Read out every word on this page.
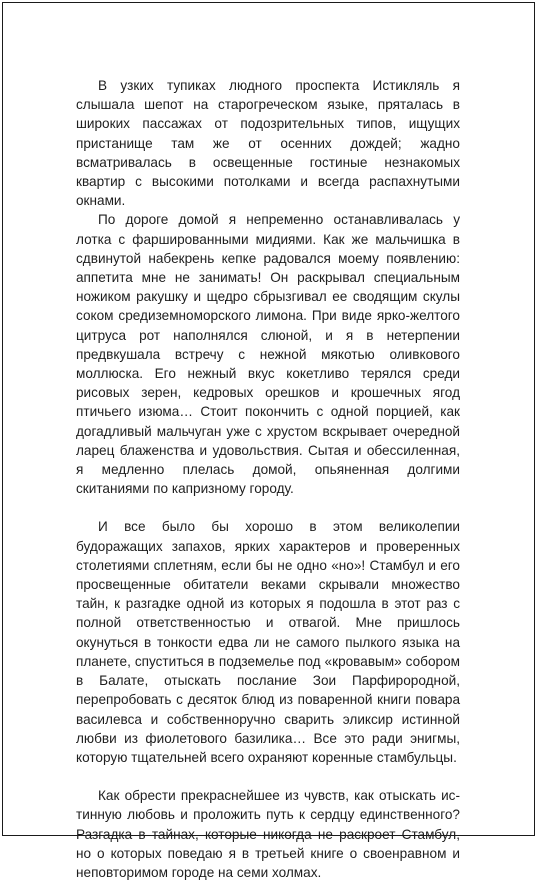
В узких тупиках людного проспекта Истикляль я слышала шепот на старогреческом языке, пряталась в широких пассажах от подозрительных типов, ищущих пристанище там же от осенних дождей; жадно всматривалась в освещенные гостиные незнакомых квартир с высокими потолками и всегда распахнутыми окнами.

По дороге домой я непременно останавливалась у лотка с фаршированными мидиями. Как же мальчишка в сдвинутой набекрень кепке радовался моему появлению: аппетита мне не занимать! Он раскрывал специальным ножиком ракушку и щедро сбрызгивал ее сводящим скулы соком средиземноморского лимона. При виде ярко-желтого цитруса рот наполнялся слюной, и я в нетерпении предвкушала встречу с нежной мякотью оливкового моллюска. Его нежный вкус кокетливо терялся среди рисовых зерен, кедровых орешков и крошечных ягод птичьего изюма… Стоит покончить с одной порцией, как догадливый мальчуган уже с хрустом вскрывает очередной ларец блаженства и удовольствия. Сытая и обессиленная, я медленно плелась домой, опьяненная долгими скитаниями по капризному городу.

И все было бы хорошо в этом великолепии будоражащих запахов, ярких характеров и проверенных столетиями сплетням, если бы не одно «но»! Стамбул и его просвещенные обитатели веками скрывали множество тайн, к разгадке одной из которых я подошла в этот раз с полной ответственностью и отвагой. Мне пришлось окунуться в тонкости едва ли не самого пылкого языка на планете, спуститься в подземелье под «кровавым» собором в Балате, отыскать послание Зои Парфирородной, перепробовать с десяток блюд из поваренной книги повара василевса и собственноручно сварить эликсир истинной любви из фиолетового базилика… Все это ради энигмы, которую тщательней всего охраняют коренные стамбульцы.

Как обрести прекраснейшее из чувств, как отыскать истинную любовь и проложить путь к сердцу единственного? Разгадка в тайнах, которые никогда не раскроет Стамбул, но о которых поведаю я в третьей книге о своенравном и неповторимом городе на семи холмах.
